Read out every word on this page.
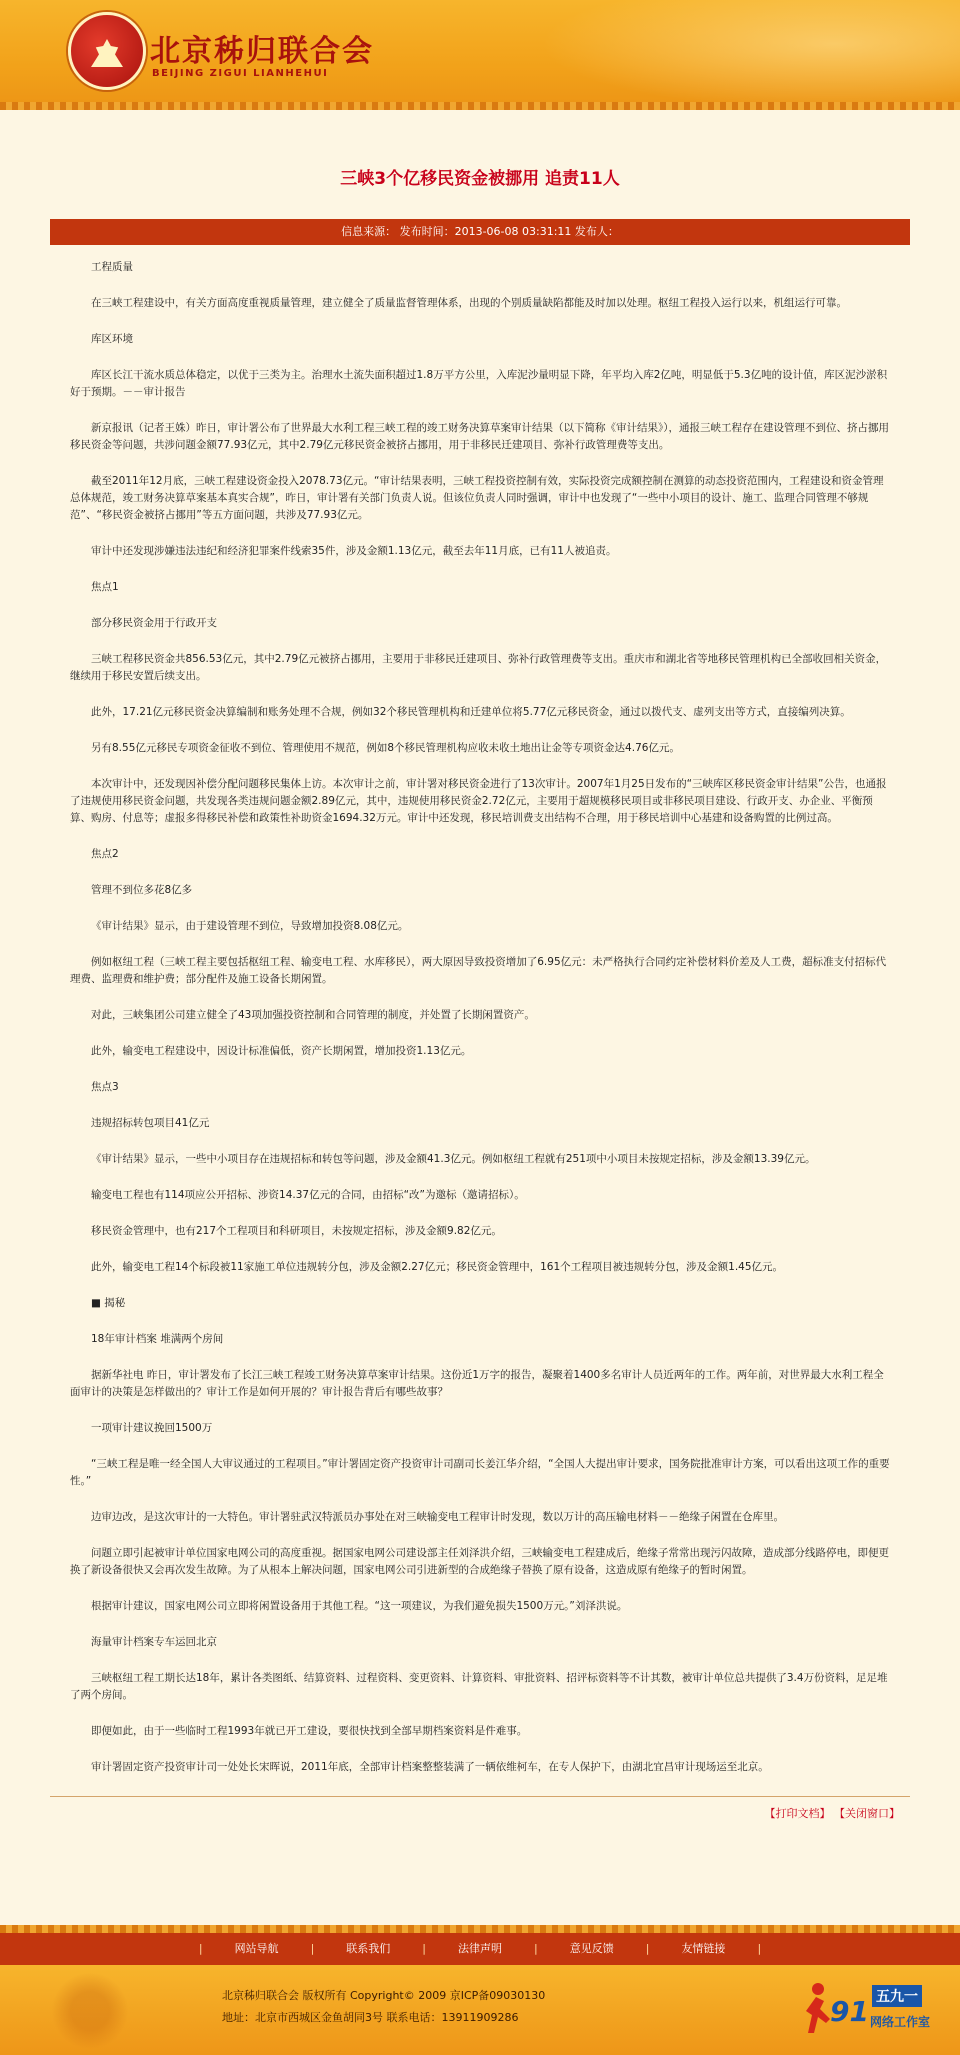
北京秭归联合会
BEIJING ZIGUI LIANHEHUI
三峡3个亿移民资金被挪用 追责11人
信息来源： 发布时间：2013-06-08 03:31:11 发布人：

工程质量

在三峡工程建设中，有关方面高度重视质量管理，建立健全了质量监督管理体系，出现的个别质量缺陷都能及时加以处理。枢纽工程投入运行以来，机组运行可靠。

库区环境

库区长江干流水质总体稳定，以优于三类为主。治理水土流失面积超过1.8万平方公里，入库泥沙量明显下降，年平均入库2亿吨，明显低于5.3亿吨的设计值，库区泥沙淤积好于预期。－－审计报告

新京报讯（记者王姝）昨日，审计署公布了世界最大水利工程三峡工程的竣工财务决算草案审计结果（以下简称《审计结果》），通报三峡工程存在建设管理不到位、挤占挪用移民资金等问题，共涉问题金额77.93亿元，其中2.79亿元移民资金被挤占挪用，用于非移民迁建项目、弥补行政管理费等支出。

截至2011年12月底，三峡工程建设资金投入2078.73亿元。“审计结果表明，三峡工程投资控制有效，实际投资完成额控制在测算的动态投资范围内，工程建设和资金管理总体规范，竣工财务决算草案基本真实合规”，昨日，审计署有关部门负责人说。但该位负责人同时强调，审计中也发现了“一些中小项目的设计、施工、监理合同管理不够规范”、“移民资金被挤占挪用”等五方面问题，共涉及77.93亿元。

审计中还发现涉嫌违法违纪和经济犯罪案件线索35件，涉及金额1.13亿元，截至去年11月底，已有11人被追责。

焦点1

部分移民资金用于行政开支

三峡工程移民资金共856.53亿元，其中2.79亿元被挤占挪用，主要用于非移民迁建项目、弥补行政管理费等支出。重庆市和湖北省等地移民管理机构已全部收回相关资金，继续用于移民安置后续支出。

此外，17.21亿元移民资金决算编制和账务处理不合规，例如32个移民管理机构和迁建单位将5.77亿元移民资金，通过以拨代支、虚列支出等方式，直接编列决算。

另有8.55亿元移民专项资金征收不到位、管理使用不规范，例如8个移民管理机构应收未收土地出让金等专项资金达4.76亿元。

本次审计中，还发现因补偿分配问题移民集体上访。本次审计之前，审计署对移民资金进行了13次审计。2007年1月25日发布的“三峡库区移民资金审计结果”公告，也通报了违规使用移民资金问题，共发现各类违规问题金额2.89亿元，其中，违规使用移民资金2.72亿元，主要用于超规模移民项目或非移民项目建设、行政开支、办企业、平衡预算、购房、付息等；虚报多得移民补偿和政策性补助资金1694.32万元。审计中还发现，移民培训费支出结构不合理，用于移民培训中心基建和设备购置的比例过高。

焦点2

管理不到位多花8亿多

《审计结果》显示，由于建设管理不到位，导致增加投资8.08亿元。

例如枢纽工程（三峡工程主要包括枢纽工程、输变电工程、水库移民），两大原因导致投资增加了6.95亿元：未严格执行合同约定补偿材料价差及人工费，超标准支付招标代理费、监理费和维护费；部分配件及施工设备长期闲置。

对此，三峡集团公司建立健全了43项加强投资控制和合同管理的制度，并处置了长期闲置资产。

此外，输变电工程建设中，因设计标准偏低，资产长期闲置，增加投资1.13亿元。

焦点3

违规招标转包项目41亿元

《审计结果》显示，一些中小项目存在违规招标和转包等问题，涉及金额41.3亿元。例如枢纽工程就有251项中小项目未按规定招标，涉及金额13.39亿元。

输变电工程也有114项应公开招标、涉资14.37亿元的合同，由招标“改”为邀标（邀请招标）。

移民资金管理中，也有217个工程项目和科研项目，未按规定招标，涉及金额9.82亿元。

此外，输变电工程14个标段被11家施工单位违规转分包，涉及金额2.27亿元；移民资金管理中，161个工程项目被违规转分包，涉及金额1.45亿元。

■ 揭秘

18年审计档案 堆满两个房间

据新华社电 昨日，审计署发布了长江三峡工程竣工财务决算草案审计结果。这份近1万字的报告，凝聚着1400多名审计人员近两年的工作。两年前，对世界最大水利工程全面审计的决策是怎样做出的？审计工作是如何开展的？审计报告背后有哪些故事？

一项审计建议挽回1500万

“三峡工程是唯一经全国人大审议通过的工程项目。”审计署固定资产投资审计司副司长姜江华介绍，“全国人大提出审计要求，国务院批准审计方案，可以看出这项工作的重要性。”

边审边改，是这次审计的一大特色。审计署驻武汉特派员办事处在对三峡输变电工程审计时发现，数以万计的高压输电材料－－绝缘子闲置在仓库里。

问题立即引起被审计单位国家电网公司的高度重视。据国家电网公司建设部主任刘泽洪介绍，三峡输变电工程建成后，绝缘子常常出现污闪故障，造成部分线路停电，即便更换了新设备很快又会再次发生故障。为了从根本上解决问题，国家电网公司引进新型的合成绝缘子替换了原有设备，这造成原有绝缘子的暂时闲置。

根据审计建议，国家电网公司立即将闲置设备用于其他工程。“这一项建议，为我们避免损失1500万元。”刘泽洪说。

海量审计档案专车运回北京

三峡枢纽工程工期长达18年，累计各类图纸、结算资料、过程资料、变更资料、计算资料、审批资料、招评标资料等不计其数，被审计单位总共提供了3.4万份资料，足足堆了两个房间。

即便如此，由于一些临时工程1993年就已开工建设，要很快找到全部早期档案资料是件难事。

审计署固定资产投资审计司一处处长宋晖说，2011年底，全部审计档案整整装满了一辆依维柯车，在专人保护下，由湖北宜昌审计现场运至北京。

【打印文档】 【关闭窗口】
|	网站导航	|	联系我们	|	法律声明	|	意见反馈	|	友情链接	|
北京秭归联合会 版权所有 Copyright© 2009 京ICP备09030130
地址：北京市西城区金鱼胡同3号 联系电话：13911909286	91 五九一
网络工作室
